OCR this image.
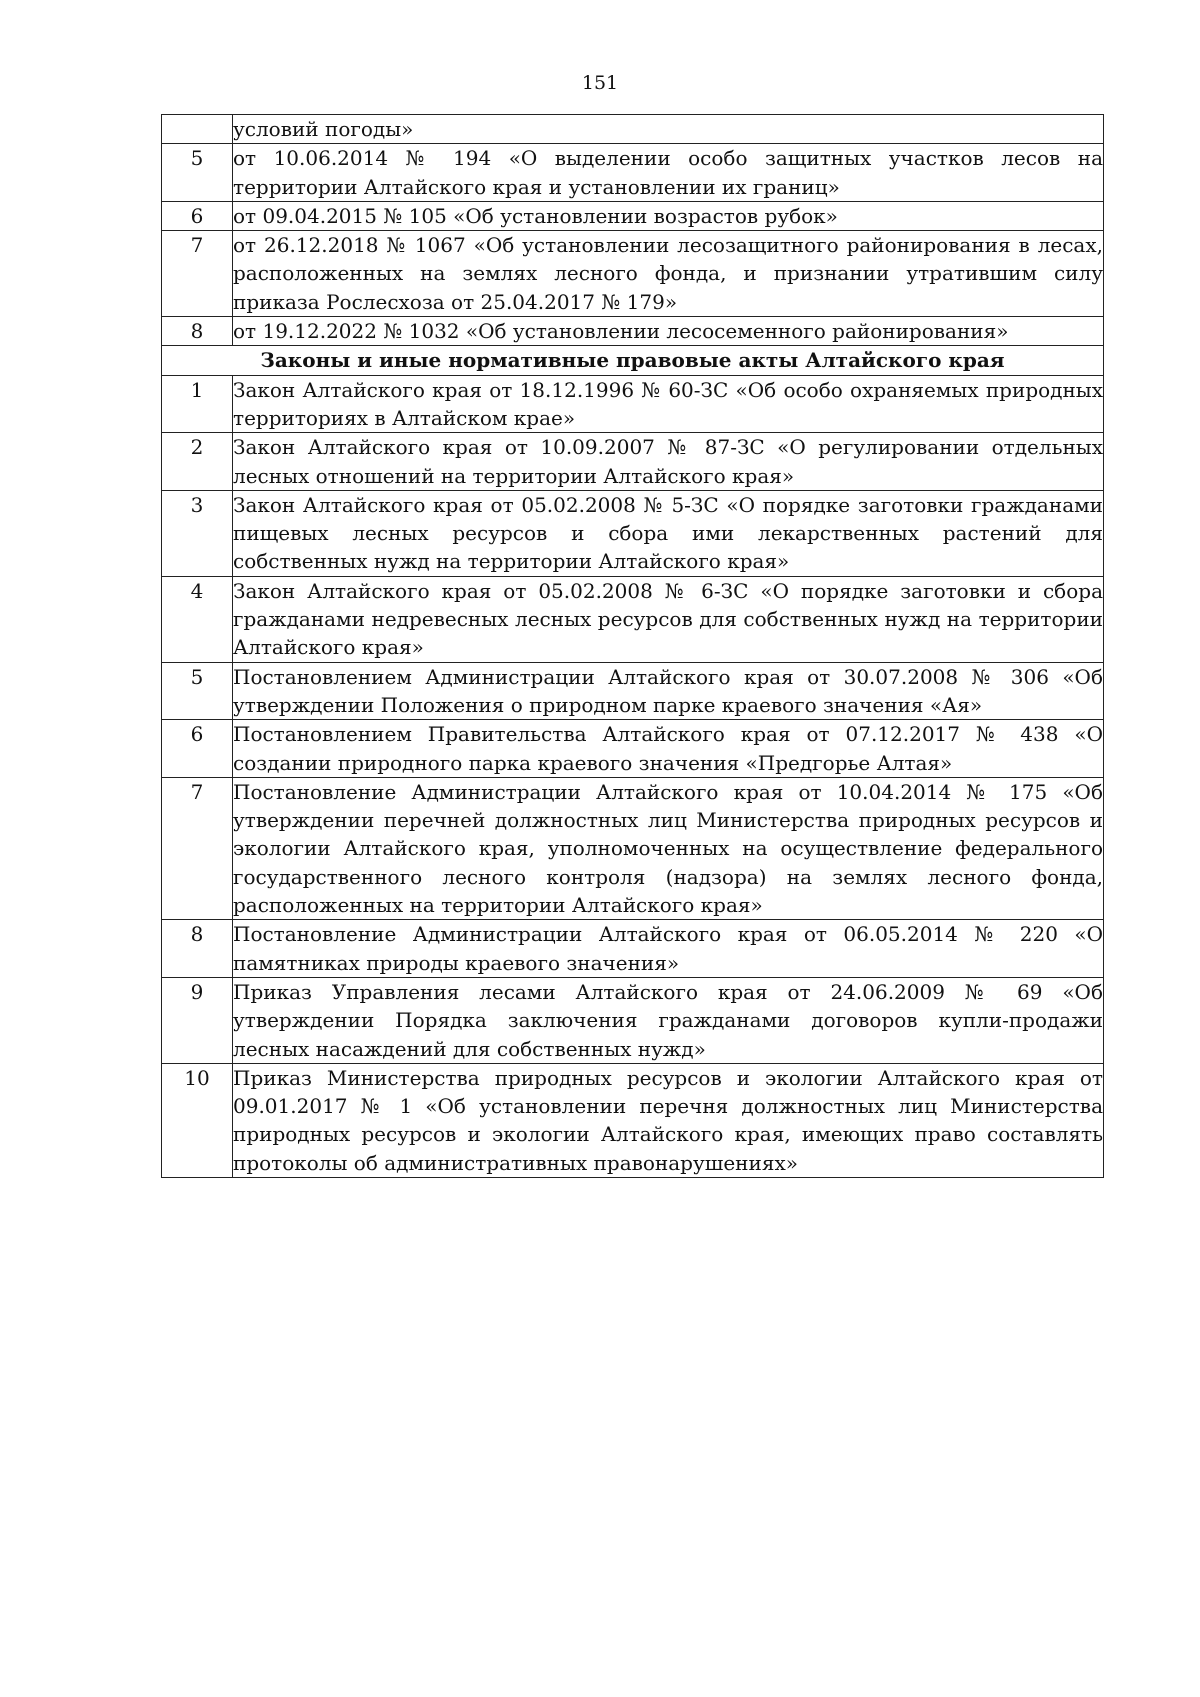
151
	условий погоды»
5	от 10.06.2014 № 194 «О выделении особо защитных участков лесов на территории Алтайского края и установлении их границ»
6	от 09.04.2015 № 105 «Об установлении возрастов рубок»
7	от 26.12.2018 № 1067 «Об установлении лесозащитного районирования в лесах, расположенных на землях лесного фонда, и признании утратившим силу приказа Рослесхоза от 25.04.2017 № 179»
8	от 19.12.2022 № 1032 «Об установлении лесосеменного районирования»
Законы и иные нормативные правовые акты Алтайского края	
1	Закон Алтайского края от 18.12.1996 № 60-ЗС «Об особо охраняемых природных территориях в Алтайском крае»
2	Закон Алтайского края от 10.09.2007 № 87-ЗС «О регулировании отдельных лесных отношений на территории Алтайского края»
3	Закон Алтайского края от 05.02.2008 № 5-ЗС «О порядке заготовки гражданами пищевых лесных ресурсов и сбора ими лекарственных растений для собственных нужд на территории Алтайского края»
4	Закон Алтайского края от 05.02.2008 № 6-ЗС «О порядке заготовки и сбора гражданами недревесных лесных ресурсов для собственных нужд на территории Алтайского края»
5	Постановлением Администрации Алтайского края от 30.07.2008 № 306 «Об утверждении Положения о природном парке краевого значения «Ая»
6	Постановлением Правительства Алтайского края от 07.12.2017 № 438 «О создании природного парка краевого значения «Предгорье Алтая»
7	Постановление Администрации Алтайского края от 10.04.2014 № 175 «Об утверждении перечней должностных лиц Министерства природных ресурсов и экологии Алтайского края, уполномоченных на осуществление федерального государственного лесного контроля (надзора) на землях лесного фонда, расположенных на территории Алтайского края»
8	Постановление Администрации Алтайского края от 06.05.2014 № 220 «О памятниках природы краевого значения»
9	Приказ Управления лесами Алтайского края от 24.06.2009 № 69 «Об утверждении Порядка заключения гражданами договоров купли-продажи лесных насаждений для собственных нужд»
10	Приказ Министерства природных ресурсов и экологии Алтайского края от 09.01.2017 № 1 «Об установлении перечня должностных лиц Министерства природных ресурсов и экологии Алтайского края, имеющих право составлять протоколы об административных правонарушениях»
